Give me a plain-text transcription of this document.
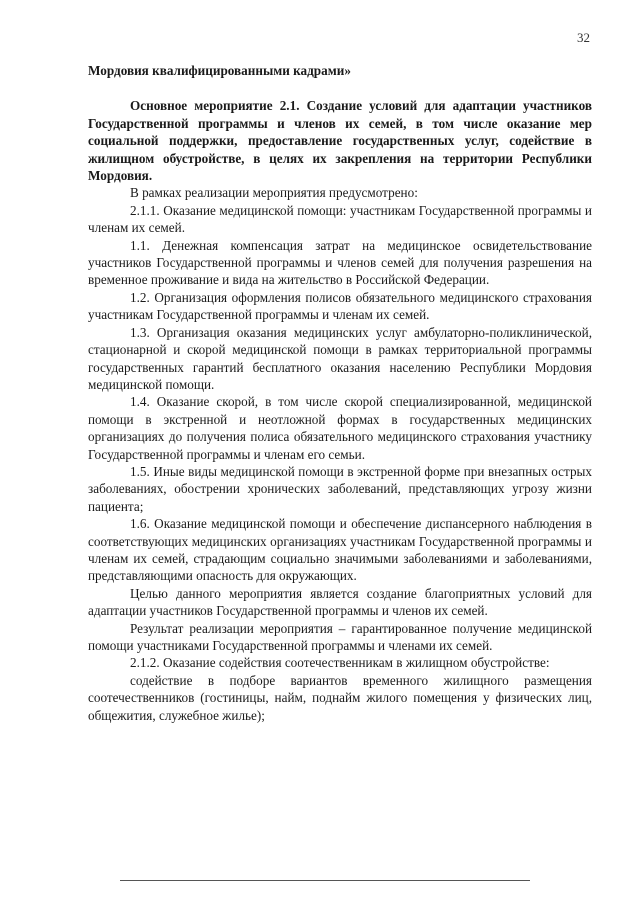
32

Мордовия квалифицированными кадрами»

Основное мероприятие 2.1. Создание условий для адаптации участников Государственной программы и членов их семей, в том числе оказание мер социальной поддержки, предоставление государственных услуг, содействие в жилищном обустройстве, в целях их закрепления на территории Республики Мордовия.

В рамках реализации мероприятия предусмотрено:

2.1.1. Оказание медицинской помощи: участникам Государственной программы и членам их семей.

1.1. Денежная компенсация затрат на медицинское освидетельствование участников Государственной программы и членов семей для получения разрешения на временное проживание и вида на жительство в Российской Федерации.

1.2. Организация оформления полисов обязательного медицинского страхования участникам Государственной программы и членам их семей.

1.3. Организация оказания медицинских услуг амбулаторно-поликлинической, стационарной и скорой медицинской помощи в рамках территориальной программы государственных гарантий бесплатного оказания населению Республики Мордовия медицинской помощи.

1.4. Оказание скорой, в том числе скорой специализированной, медицинской помощи в экстренной и неотложной формах в государственных медицинских организациях до получения полиса обязательного медицинского страхования участнику Государственной программы и членам его семьи.

1.5. Иные виды медицинской помощи в экстренной форме при внезапных острых заболеваниях, обострении хронических заболеваний, представляющих угрозу жизни пациента;

1.6. Оказание медицинской помощи и обеспечение диспансерного наблюдения в соответствующих медицинских организациях участникам Государственной программы и членам их семей, страдающим социально значимыми заболеваниями и заболеваниями, представляющими опасность для окружающих.

Целью данного мероприятия является создание благоприятных условий для адаптации участников Государственной программы и членов их семей.

Результат реализации мероприятия – гарантированное получение медицинской помощи участниками Государственной программы и членами их семей.

2.1.2. Оказание содействия соотечественникам в жилищном обустройстве:

содействие в подборе вариантов временного жилищного размещения соотечественников (гостиницы, найм, поднайм жилого помещения у физических лиц, общежития, служебное жилье);
